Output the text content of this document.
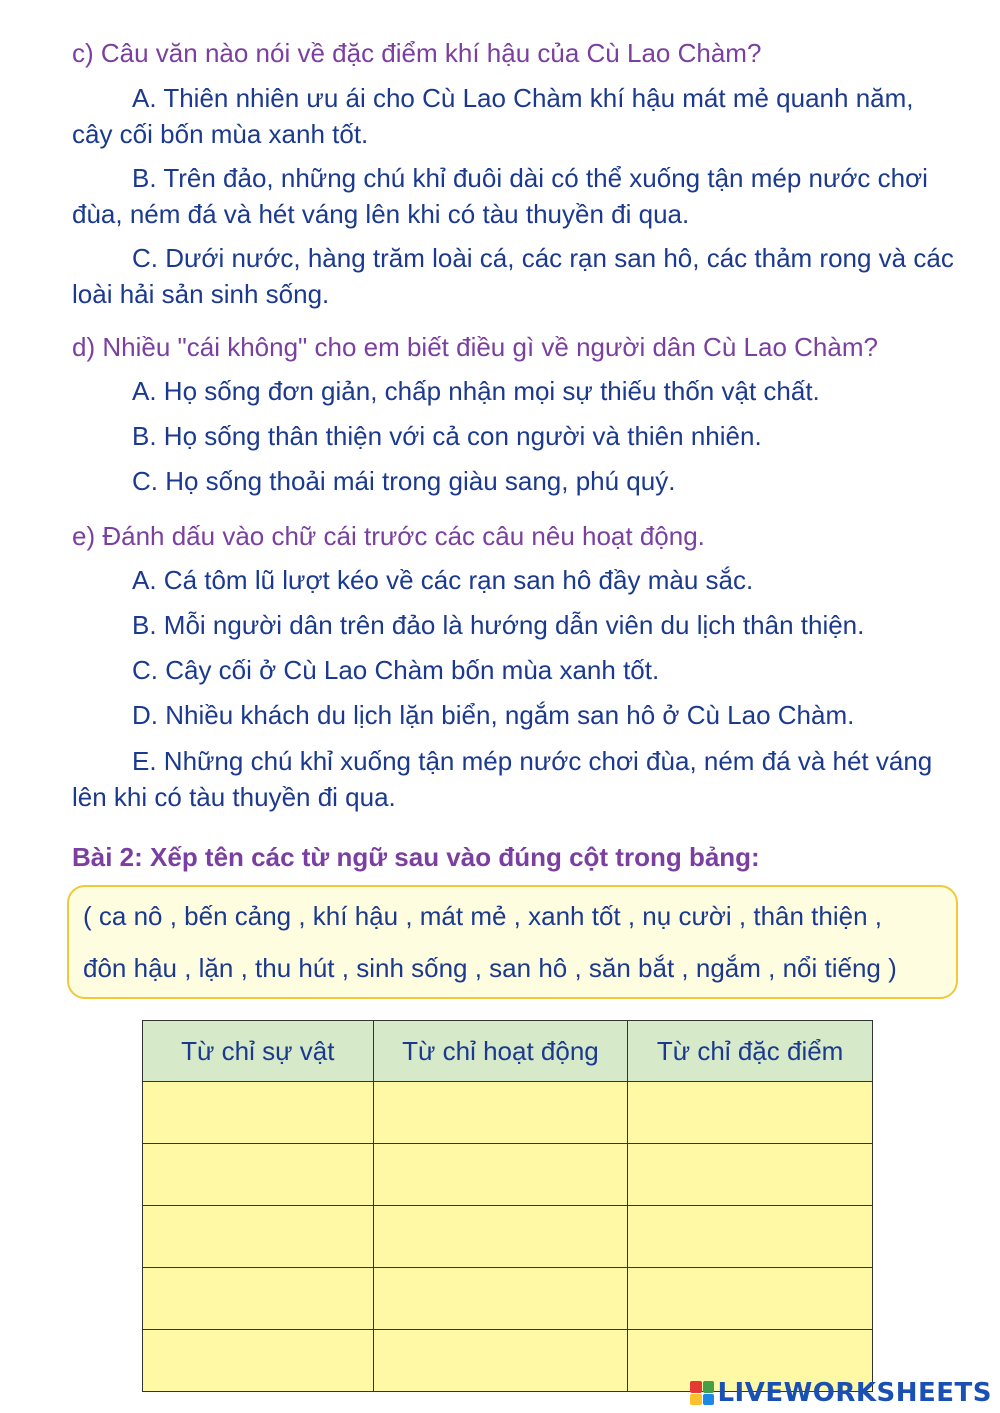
c) Câu văn nào nói về đặc điểm khí hậu của Cù Lao Chàm?
A. Thiên nhiên ưu ái cho Cù Lao Chàm khí hậu mát mẻ quanh năm, cây cối bốn mùa xanh tốt.
B. Trên đảo, những chú khỉ đuôi dài có thể xuống tận mép nước chơi đùa, ném đá và hét váng lên khi có tàu thuyền đi qua.
C. Dưới nước, hàng trăm loài cá, các rạn san hô, các thảm rong và các loài hải sản sinh sống.
d) Nhiều "cái không" cho em biết điều gì về người dân Cù Lao Chàm?
A. Họ sống đơn giản, chấp nhận mọi sự thiếu thốn vật chất.
B. Họ sống thân thiện với cả con người và thiên nhiên.
C. Họ sống thoải mái trong giàu sang, phú quý.
e) Đánh dấu vào chữ cái trước các câu nêu hoạt động.
A. Cá tôm lũ lượt kéo về các rạn san hô đầy màu sắc.
B. Mỗi người dân trên đảo là hướng dẫn viên du lịch thân thiện.
C. Cây cối ở Cù Lao Chàm bốn mùa xanh tốt.
D. Nhiều khách du lịch lặn biển, ngắm san hô ở Cù Lao Chàm.
E. Những chú khỉ xuống tận mép nước chơi đùa, ném đá và hét váng lên khi có tàu thuyền đi qua.
Bài 2: Xếp tên các từ ngữ sau vào đúng cột trong bảng:
( ca nô , bến cảng , khí hậu , mát mẻ , xanh tốt , nụ cười , thân thiện ,
đôn hậu , lặn , thu hút , sinh sống , san hô , săn bắt , ngắm , nổi tiếng )
Từ chỉ sự vật	Từ chỉ hoạt động	Từ chỉ đặc điểm

LIVEWORKSHEETS
